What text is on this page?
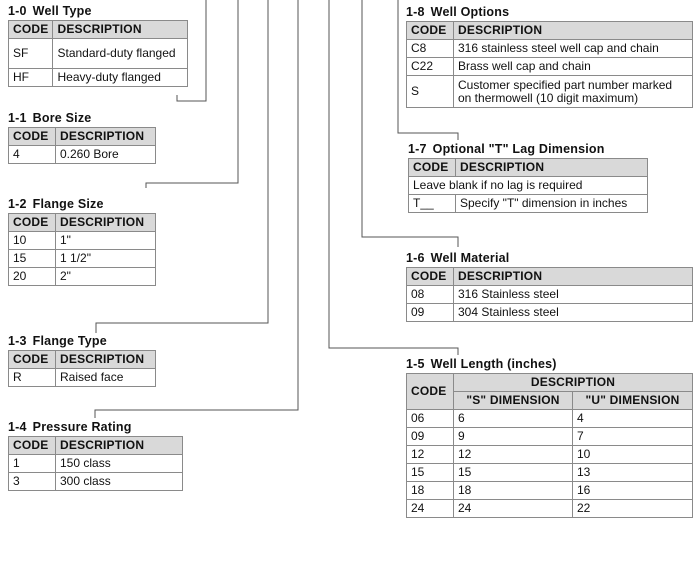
1-0 Well Type
CODE	DESCRIPTION
SF	Standard-duty flanged
HF	Heavy-duty flanged
1-1 Bore Size
CODE	DESCRIPTION
4	0.260 Bore
1-2 Flange Size
CODE	DESCRIPTION
10	1"
15	1 1/2"
20	2"
1-3 Flange Type
CODE	DESCRIPTION
R	Raised face
1-4 Pressure Rating
CODE	DESCRIPTION
1	150 class
3	300 class
1-8 Well Options
CODE	DESCRIPTION
C8	316 stainless steel well cap and chain
C22	Brass well cap and chain
S	Customer specified part number marked on thermowell (10 digit maximum)
1-7 Optional "T" Lag Dimension
CODE	DESCRIPTION
Leave blank if no lag is required	
T__	Specify "T" dimension in inches
1-6 Well Material
CODE	DESCRIPTION
08	316 Stainless steel
09	304 Stainless steel
1-5 Well Length (inches)
CODE	DESCRIPTION	
	"S" DIMENSION	"U" DIMENSION
06	6	4
09	9	7
12	12	10
15	15	13
18	18	16
24	24	22
